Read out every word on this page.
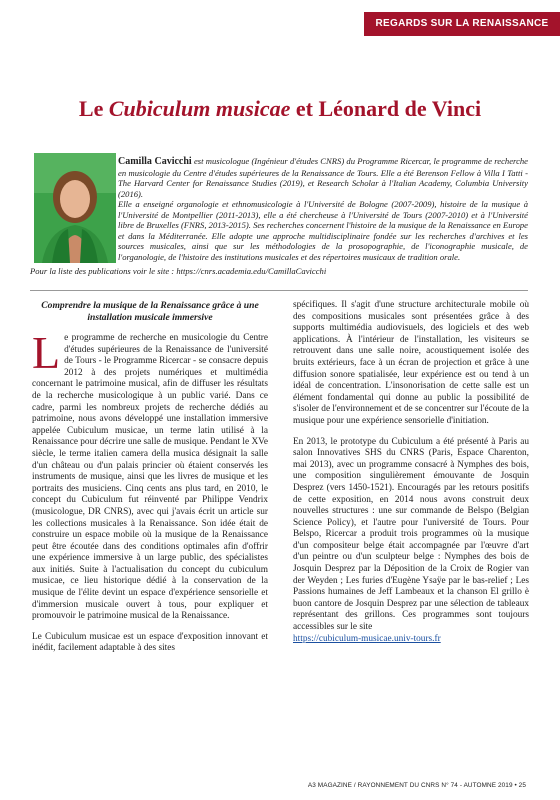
REGARDS SUR LA RENAISSANCE
Le Cubiculum musicae et Léonard de Vinci

Camilla Cavicchi est musicologue (Ingénieur d'études CNRS) du Programme Ricercar, le programme de recherche en musicologie du Centre d'études supérieures de la Renaissance de Tours. Elle a été Berenson Fellow à Villa I Tatti - The Harvard Center for Renaissance Studies (2019), et Research Scholar à l'Italian Academy, Columbia University (2016).

Elle a enseigné organologie et ethnomusicologie à l'Université de Bologne (2007-2009), histoire de la musique à l'Université de Montpellier (2011-2013), elle a été chercheuse à l'Université de Tours (2007-2010) et à l'Université libre de Bruxelles (FNRS, 2013-2015). Ses recherches concernent l'histoire de la musique de la Renaissance en Europe et dans la Méditerranée. Elle adopte une approche multidisciplinaire fondée sur les recherches d'archives et les sources musicales, ainsi que sur les méthodologies de la prosopographie, de l'iconographie musicale, de l'organologie, de l'histoire des institutions musicales et des répertoires musicaux de tradition orale.

Pour la liste des publications voir le site : https://cnrs.academia.edu/CamillaCavicchi

Comprendre la musique de la Renaissance grâce à une installation musicale immersive

Le programme de recherche en musicologie du Centre d'études supérieures de la Renaissance de l'université de Tours - le Programme Ricercar - se consacre depuis 2012 à des projets numériques et multimédia concernant le patrimoine musical, afin de diffuser les résultats de la recherche musicologique à un public varié. Dans ce cadre, parmi les nombreux projets de recherche dédiés au patrimoine, nous avons développé une installation immersive appelée Cubiculum musicae, un terme latin utilisé à la Renaissance pour décrire une salle de musique. Pendant le XVe siècle, le terme italien camera della musica désignait la salle d'un château ou d'un palais princier où étaient conservés les instruments de musique, ainsi que les livres de musique et les portraits des musiciens. Cinq cents ans plus tard, en 2010, le concept du Cubiculum fut réinventé par Philippe Vendrix (musicologue, DR CNRS), avec qui j'avais écrit un article sur les collections musicales à la Renaissance. Son idée était de construire un espace mobile où la musique de la Renaissance peut être écoutée dans des conditions optimales afin d'offrir une expérience immersive à un large public, des spécialistes aux initiés. Suite à l'actualisation du concept du cubiculum musicae, ce lieu historique dédié à la conservation de la musique de l'élite devint un espace d'expérience sensorielle et d'immersion musicale ouvert à tous, pour expliquer et promouvoir le patrimoine musical de la Renaissance.

Le Cubiculum musicae est un espace d'exposition innovant et inédit, facilement adaptable à des sites

spécifiques. Il s'agit d'une structure architecturale mobile où des compositions musicales sont présentées grâce à des supports multimédia audiovisuels, des logiciels et des web applications. À l'intérieur de l'installation, les visiteurs se retrouvent dans une salle noire, acoustiquement isolée des bruits extérieurs, face à un écran de projection et grâce à une diffusion sonore spatialisée, leur expérience est ou tend à un idéal de concentration. L'insonorisation de cette salle est un élément fondamental qui donne au public la possibilité de s'isoler de l'environnement et de se concentrer sur l'écoute de la musique pour une expérience sensorielle d'initiation.

En 2013, le prototype du Cubiculum a été présenté à Paris au salon Innovatives SHS du CNRS (Paris, Espace Charenton, mai 2013), avec un programme consacré à Nymphes des bois, une composition singulièrement émouvante de Josquin Desprez (vers 1450-1521). Encouragés par les retours positifs de cette exposition, en 2014 nous avons construit deux nouvelles structures : une sur commande de Belspo (Belgian Science Policy), et l'autre pour l'université de Tours. Pour Belspo, Ricercar a produit trois programmes où la musique d'un compositeur belge était accompagnée par l'œuvre d'art d'un peintre ou d'un sculpteur belge : Nymphes des bois de Josquin Desprez par la Déposition de la Croix de Rogier van der Weyden ; Les furies d'Eugène Ysaÿe par le bas-relief ; Les Passions humaines de Jeff Lambeaux et la chanson El grillo è buon cantore de Josquin Desprez par une sélection de tableaux représentant des grillons. Ces programmes sont toujours accessibles sur le site
https://cubiculum-musicae.univ-tours.fr

A3 MAGAZINE / RAYONNEMENT DU CNRS N° 74 - AUTOMNE 2019 • 25
